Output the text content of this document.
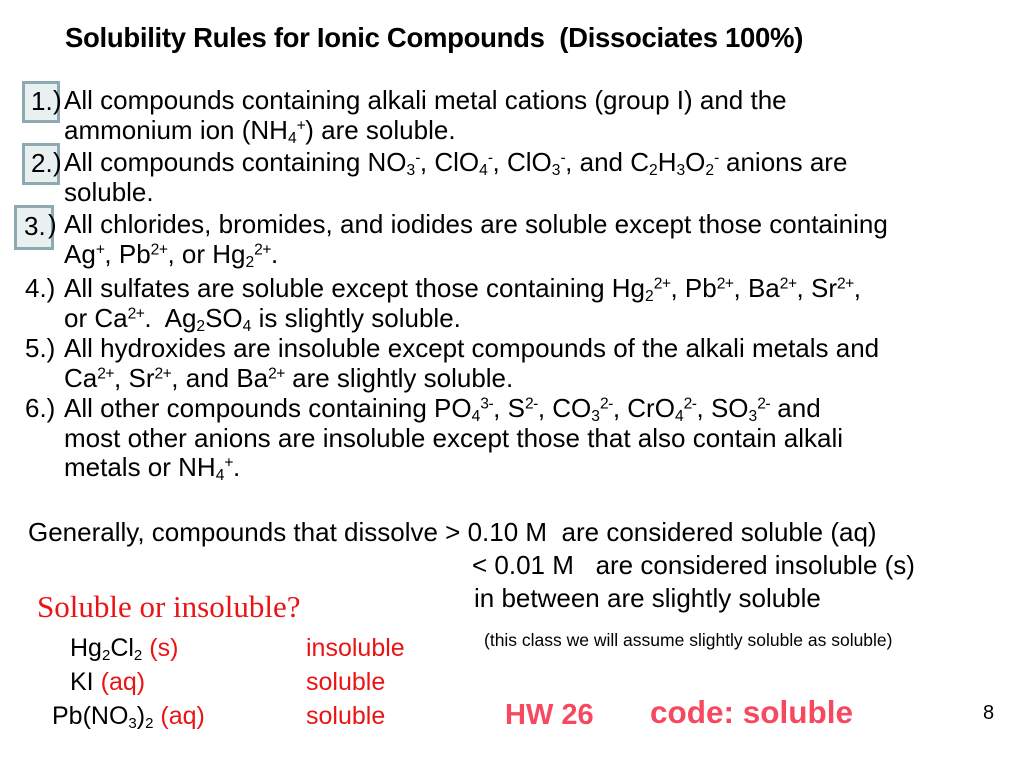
Solubility Rules for Ionic Compounds  (Dissociates 100%)
1. ) All compounds containing alkali metal cations (group I) and the
ammonium ion $(NH_4^+)$ are soluble.
2. ) All compounds containing $NO_3^-$, ClO$_4$-, ClO$_3$-, and $C_2H_3O_2^-$ anions are
soluble.
3. ) All chlorides, bromides, and iodides are soluble except those containing
Ag+, $Pb^{2+}$, or $Hg_2^{2+}$.
4.) All sulfates are soluble except those containing $Hg_2^{2+}$, $Pb^{2+}$, $Ba^{2+}$, $Sr^{2+}$,
or $Ca^{2+}$.  $Ag_2SO_4$ is slightly soluble.
5.) All hydroxides are insoluble except compounds of the alkali metals and
$Ca^{2+}$, $Sr^{2+}$, and $Ba^{2+}$ are slightly soluble.
6.) All other compounds containing $PO_4^{3-}$, $S^{2-}$, $CO_3^{2-}$, CrO$_4^{2-}$, $SO_3^{2-}$ and
most other anions are insoluble except those that also contain alkali
metals or $NH_4^+$.
Generally, compounds that dissolve > 0.10 M  are considered soluble (aq)
< 0.01 M   are considered insoluble (s)
in between are slightly soluble
(this class we will assume slightly soluble as soluble)
Soluble or insoluble?
$Hg_2Cl_2$ (s)	insoluble
KI (aq)	soluble
$Pb(NO_3)_2$ (aq)	soluble	HW 26 code: soluble	8
